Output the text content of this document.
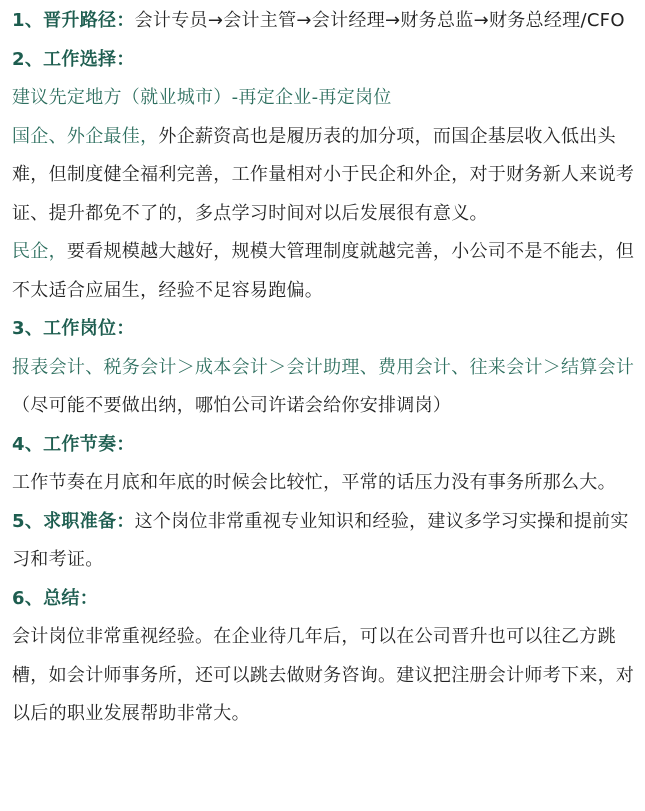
1、晋升路径：会计专员→会计主管→会计经理→财务总监→财务总经理/CFO

2、工作选择：

建议先定地方（就业城市）-再定企业-再定岗位

国企、外企最佳，外企薪资高也是履历表的加分项，而国企基层收入低出头难，但制度健全福利完善，工作量相对小于民企和外企，对于财务新人来说考证、提升都免不了的，多点学习时间对以后发展很有意义。

民企，要看规模越大越好，规模大管理制度就越完善，小公司不是不能去，但不太适合应届生，经验不足容易跑偏。

3、工作岗位：

报表会计、税务会计＞成本会计＞会计助理、费用会计、往来会计＞结算会计（尽可能不要做出纳，哪怕公司许诺会给你安排调岗）

4、工作节奏：

工作节奏在月底和年底的时候会比较忙，平常的话压力没有事务所那么大。

5、求职准备：这个岗位非常重视专业知识和经验，建议多学习实操和提前实习和考证。

6、总结：

会计岗位非常重视经验。在企业待几年后，可以在公司晋升也可以往乙方跳槽，如会计师事务所，还可以跳去做财务咨询。建议把注册会计师考下来，对以后的职业发展帮助非常大。
